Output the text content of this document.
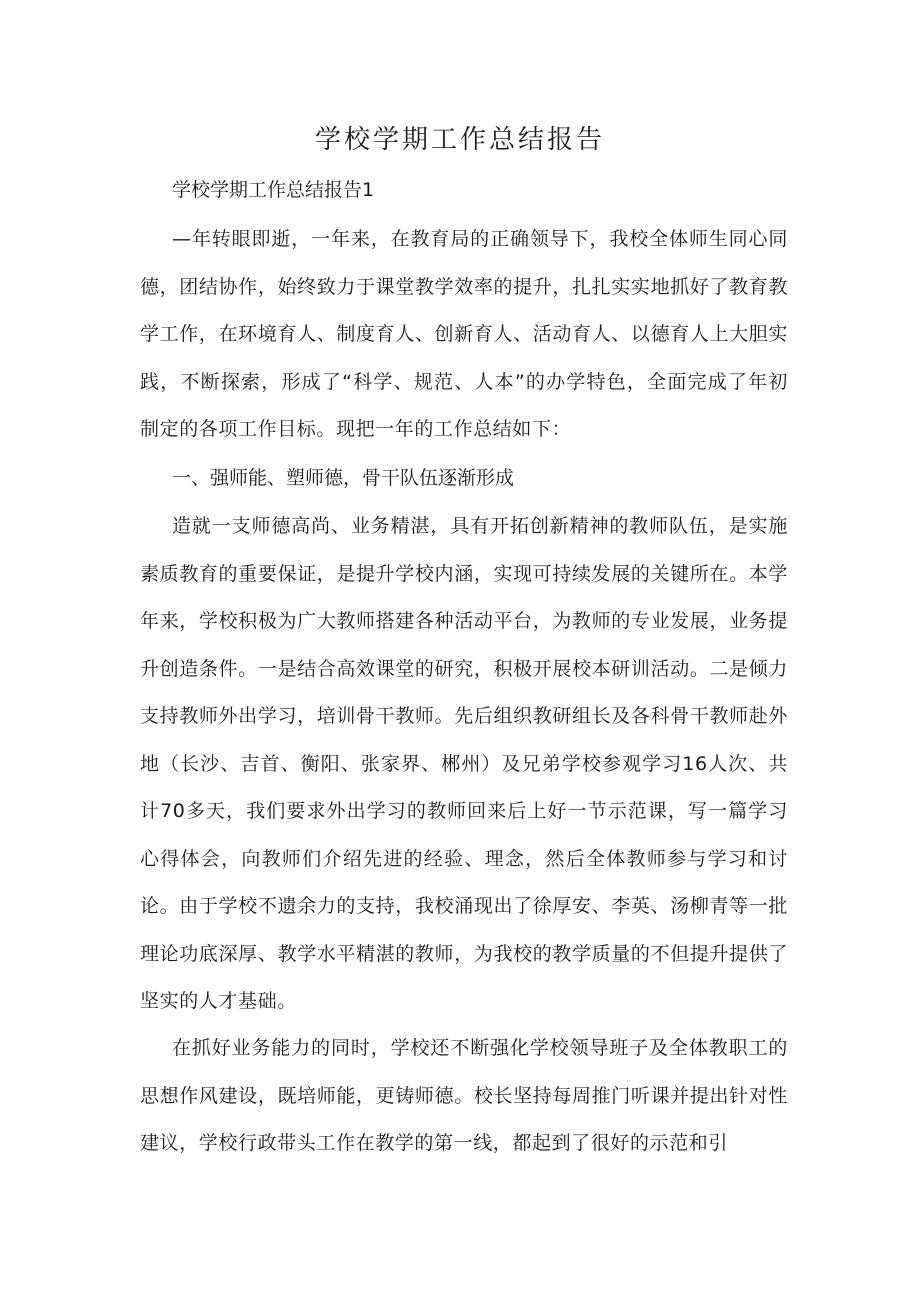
学校学期工作总结报告

学校学期工作总结报告1

—年转眼即逝，一年来，在教育局的正确领导下，我校全体师生同心同德，团结协作，始终致力于课堂教学效率的提升，扎扎实实地抓好了教育教学工作，在环境育人、制度育人、创新育人、活动育人、以德育人上大胆实践，不断探索，形成了“科学、规范、人本”的办学特色，全面完成了年初制定的各项工作目标。现把一年的工作总结如下：

一、强师能、塑师德，骨干队伍逐渐形成

造就一支师德高尚、业务精湛，具有开拓创新精神的教师队伍，是实施素质教育的重要保证，是提升学校内涵，实现可持续发展的关键所在。本学年来，学校积极为广大教师搭建各种活动平台，为教师的专业发展，业务提升创造条件。一是结合高效课堂的研究，积极开展校本研训活动。二是倾力支持教师外出学习，培训骨干教师。先后组织教研组长及各科骨干教师赴外地（长沙、吉首、衡阳、张家界、郴州）及兄弟学校参观学习16人次、共计70多天，我们要求外出学习的教师回来后上好一节示范课，写一篇学习心得体会，向教师们介绍先进的经验、理念，然后全体教师参与学习和讨论。由于学校不遗余力的支持，我校涌现出了徐厚安、李英、汤柳青等一批理论功底深厚、教学水平精湛的教师，为我校的教学质量的不但提升提供了坚实的人才基础。

在抓好业务能力的同时，学校还不断强化学校领导班子及全体教职工的思想作风建设，既培师能，更铸师德。校长坚持每周推门听课并提出针对性建议，学校行政带头工作在教学的第一线，都起到了很好的示范和引
